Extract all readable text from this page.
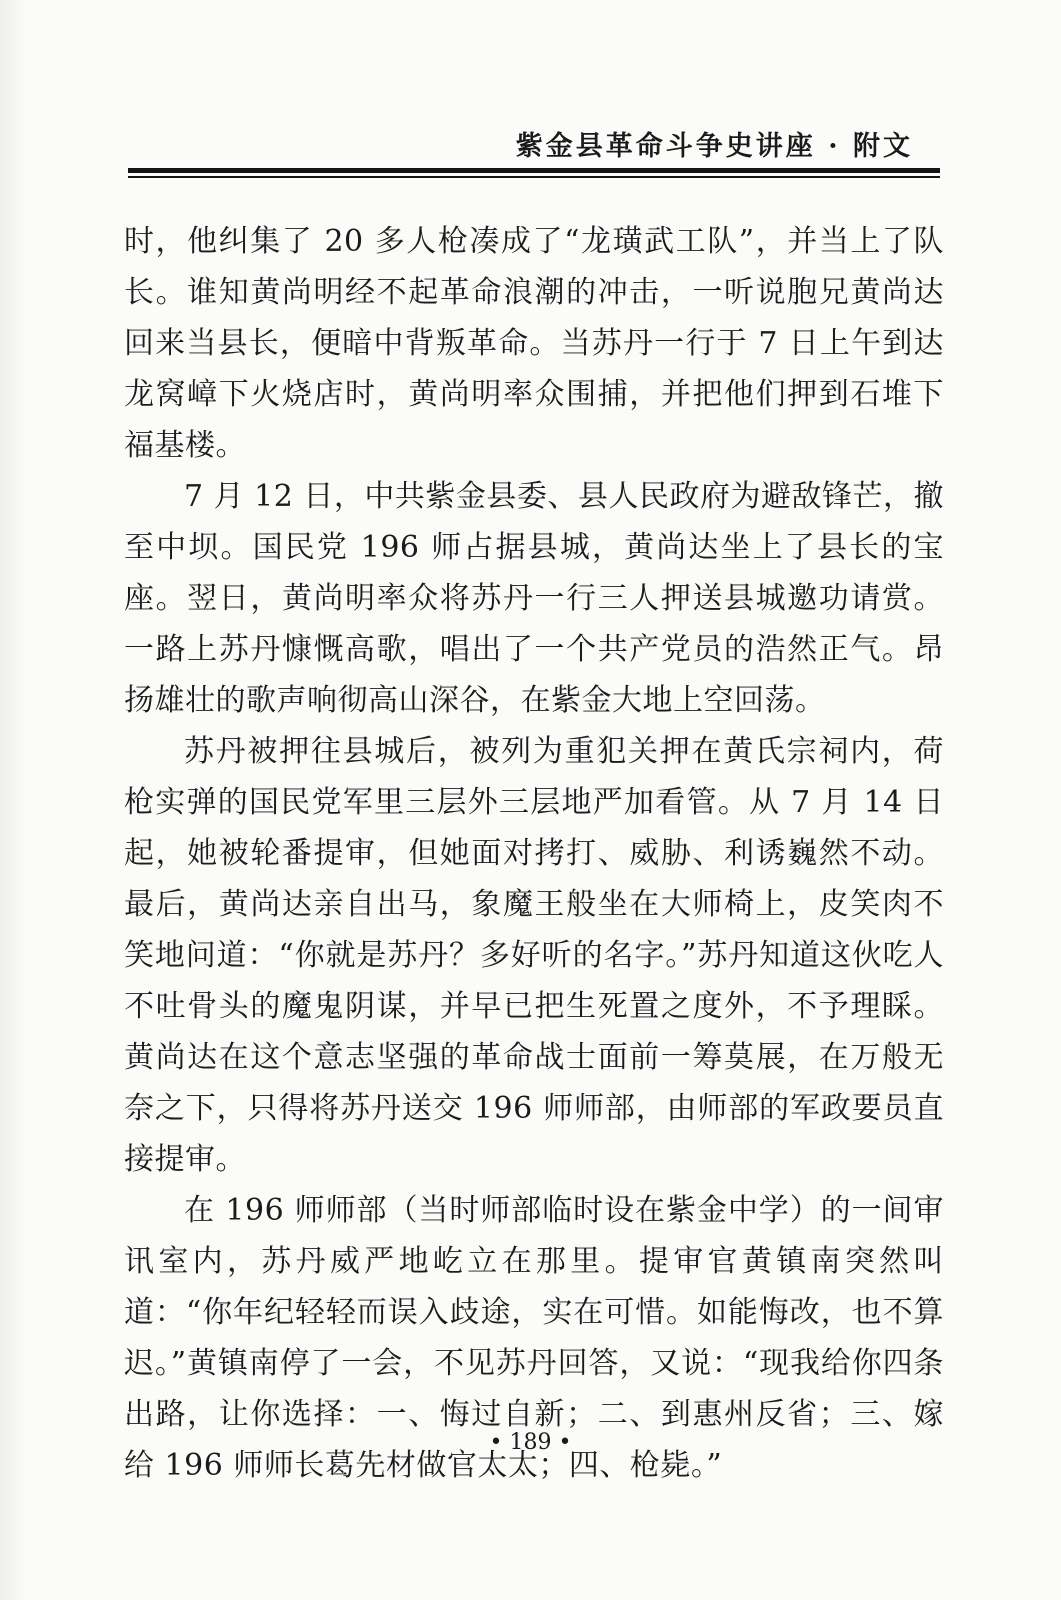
紫金县革命斗争史讲座 · 附文

时，他纠集了 20 多人枪凑成了“龙璜武工队”，并当上了队长。谁知黄尚明经不起革命浪潮的冲击，一听说胞兄黄尚达回来当县长，便暗中背叛革命。当苏丹一行于 7 日上午到达龙窝嶂下火烧店时，黄尚明率众围捕，并把他们押到石堆下福基楼。

7 月 12 日，中共紫金县委、县人民政府为避敌锋芒，撤至中坝。国民党 196 师占据县城，黄尚达坐上了县长的宝座。翌日，黄尚明率众将苏丹一行三人押送县城邀功请赏。一路上苏丹慷慨高歌，唱出了一个共产党员的浩然正气。昂扬雄壮的歌声响彻高山深谷，在紫金大地上空回荡。

苏丹被押往县城后，被列为重犯关押在黄氏宗祠内，荷枪实弹的国民党军里三层外三层地严加看管。从 7 月 14 日起，她被轮番提审，但她面对拷打、威胁、利诱巍然不动。最后，黄尚达亲自出马，象魔王般坐在大师椅上，皮笑肉不笑地问道：“你就是苏丹？多好听的名字。”苏丹知道这伙吃人不吐骨头的魔鬼阴谋，并早已把生死置之度外，不予理睬。黄尚达在这个意志坚强的革命战士面前一筹莫展，在万般无奈之下，只得将苏丹送交 196 师师部，由师部的军政要员直接提审。

在 196 师师部（当时师部临时设在紫金中学）的一间审讯室内，苏丹威严地屹立在那里。提审官黄镇南突然叫道：“你年纪轻轻而误入歧途，实在可惜。如能悔改，也不算迟。”黄镇南停了一会，不见苏丹回答，又说：“现我给你四条出路，让你选择：一、悔过自新；二、到惠州反省；三、嫁给 196 师师长葛先材做官太太；四、枪毙。”

• 189 •
